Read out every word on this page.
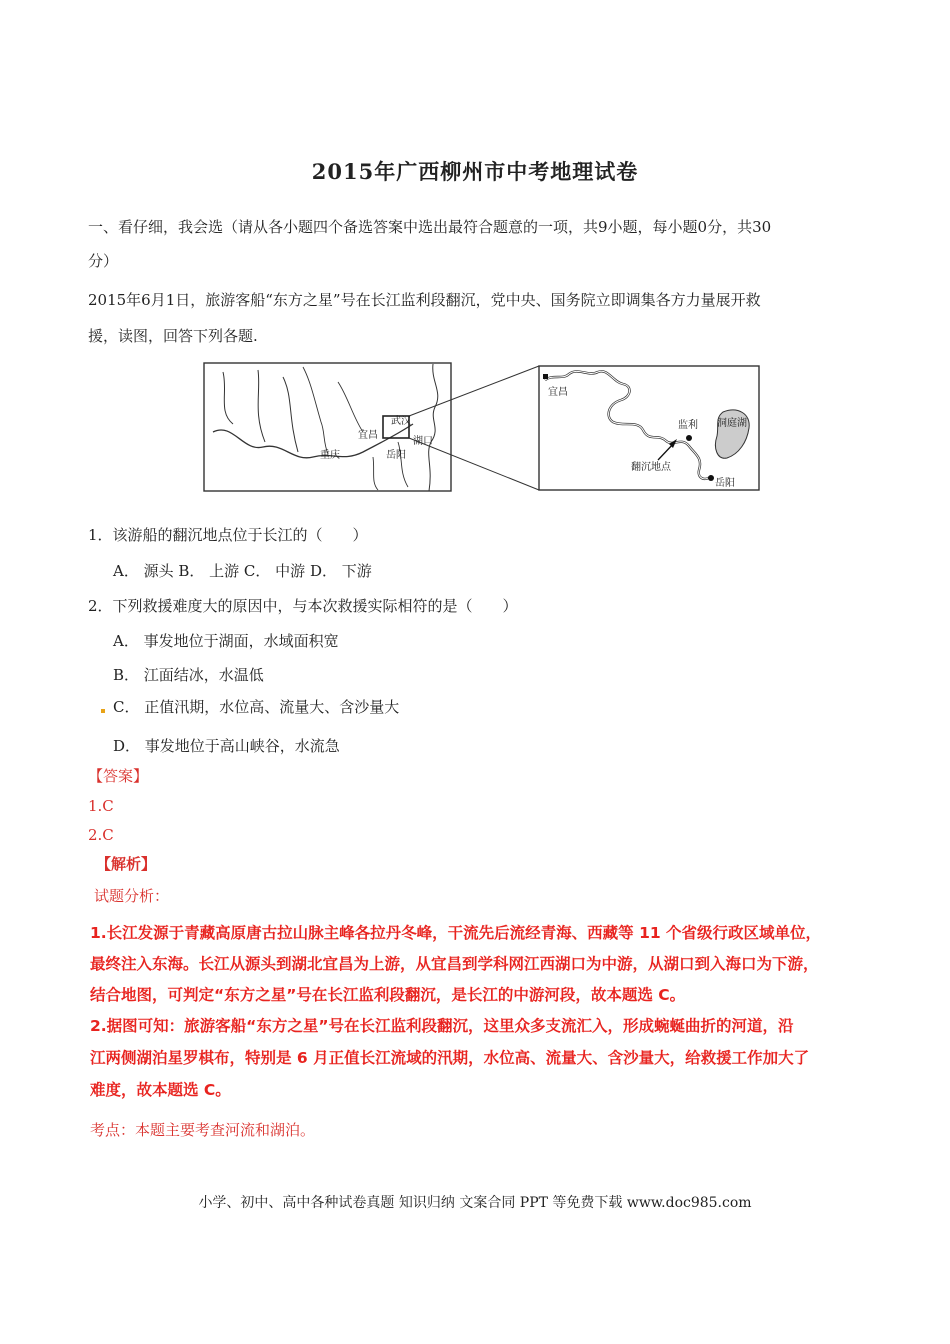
2015年广西柳州市中考地理试卷
一、看仔细，我会选（请从各小题四个备选答案中选出最符合题意的一项，共9小题，每小题0分，共30
分）
2015年6月1日，旅游客船“东方之星”号在长江监利段翻沉，党中央、国务院立即调集各方力量展开救
援，读图，回答下列各题.
宜昌
武汉
湖口
重庆	岳阳
宜昌
监利 洞庭湖
翻沉地点
岳阳
1．该游船的翻沉地点位于长江的（　　）
A． 源头 B． 上游 C． 中游 D． 下游
2．下列救援难度大的原因中，与本次救援实际相符的是（　　）
A． 事发地位于湖面，水域面积宽
B． 江面结冰，水温低
C． 正值汛期，水位高、流量大、含沙量大
D． 事发地位于高山峡谷，水流急
【答案】
1.C
2.C
【解析】
试题分析：
1.长江发源于青藏高原唐古拉山脉主峰各拉丹冬峰，干流先后流经青海、西藏等 11 个省级行政区域单位，
最终注入东海。长江从源头到湖北宜昌为上游，从宜昌到学科网江西湖口为中游，从湖口到入海口为下游，
结合地图，可判定“东方之星”号在长江监利段翻沉，是长江的中游河段，故本题选 C。
2.据图可知：旅游客船“东方之星”号在长江监利段翻沉，这里众多支流汇入，形成蜿蜒曲折的河道，沿
江两侧湖泊星罗棋布，特别是 6 月正值长江流域的汛期，水位高、流量大、含沙量大，给救援工作加大了
难度，故本题选 C。
考点：本题主要考查河流和湖泊。
小学、初中、高中各种试卷真题 知识归纳 文案合同 PPT 等免费下载 www.doc985.com
